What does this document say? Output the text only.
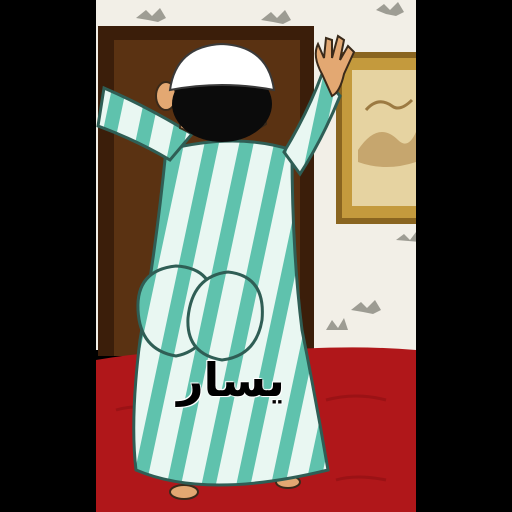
يسار
